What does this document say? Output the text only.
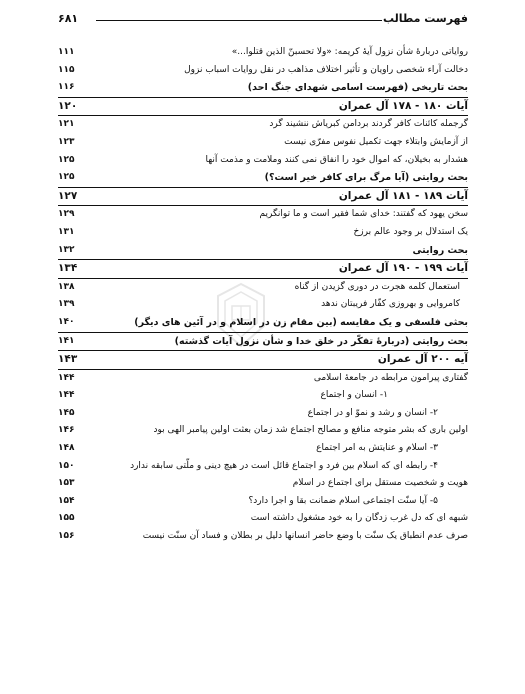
فهرست مطالب
۶۸۱
روایاتی دربارهٔ شأن نزول آیهٔ کریمه: «ولا تحسبنّ الذین قتلوا...»
۱۱۱
دخالت آراء شخصی راویان و تأثیر اختلاف مذاهب در نقل روایات اسباب نزول
۱۱۵
بحث تاریخی (فهرست اسامی شهدای جنگ احد)
۱۱۶
آیات ۱۸۰ - ۱۷۸ آل عمران
۱۲۰
گرجمله کائنات کافر گردند بردامن کبریاش ننشیند گرد
۱۲۱
از آزمایش وابتلاء جهت تکمیل نفوس مفرّی نیست
۱۲۳
هشدار به بخیلان، که اموال خود را انفاق نمی کنند وملامت و مذمت آنها
۱۲۵
بحث روایتی (آیا مرگ برای کافر خیر است؟)
۱۲۵
آیات ۱۸۹ - ۱۸۱ آل عمران
۱۲۷
سخن یهود که گفتند: خدای شما فقیر است و ما توانگریم
۱۲۹
یک استدلال بر وجود عالم برزخ
۱۳۱
بحث روایتی
۱۳۲
آیات ۱۹۹ - ۱۹۰ آل عمران
۱۳۴
استعمال کلمه هجرت در دوری گزیدن از گناه
۱۳۸
کامروایی و بهروزی کفّار فریبتان ندهد
۱۳۹
بحثی فلسفی و یک مقایسه (بین مقام زن در اسلام و در آئین های دیگر)
۱۴۰
بحث روایتی (دربارهٔ تفکّر در خلق خدا و شأن نزول آیات گذشته)
۱۴۱
آیه ۲۰۰ آل عمران
۱۴۳
گفتاری پیرامون مرابطه در جامعهٔ اسلامی
۱۴۴
۱- انسان و اجتماع
۱۴۴
۲- انسان و رشد و نموّ او در اجتماع
۱۴۵
اولین باری که بشر متوجه منافع و مصالح اجتماع شد زمان بعثت اولین پیامبر الهی بود
۱۴۶
۳- اسلام و عنایتش به امر اجتماع
۱۴۸
۴- رابطه ای که اسلام بین فرد و اجتماع قائل است در هیچ دینی و ملّتی سابقه ندارد
۱۵۰
هویت و شخصیت مستقل برای اجتماع در اسلام
۱۵۳
۵- آیا سنّت اجتماعی اسلام ضمانت بقا و اجرا دارد؟
۱۵۴
شبهه ای که دل غرب زدگان را به خود مشغول داشته است
۱۵۵
صرف عدم انطباق یک سنّت با وضع حاضر انسانها دلیل بر بطلان و فساد آن سنّت نیست
۱۵۶
